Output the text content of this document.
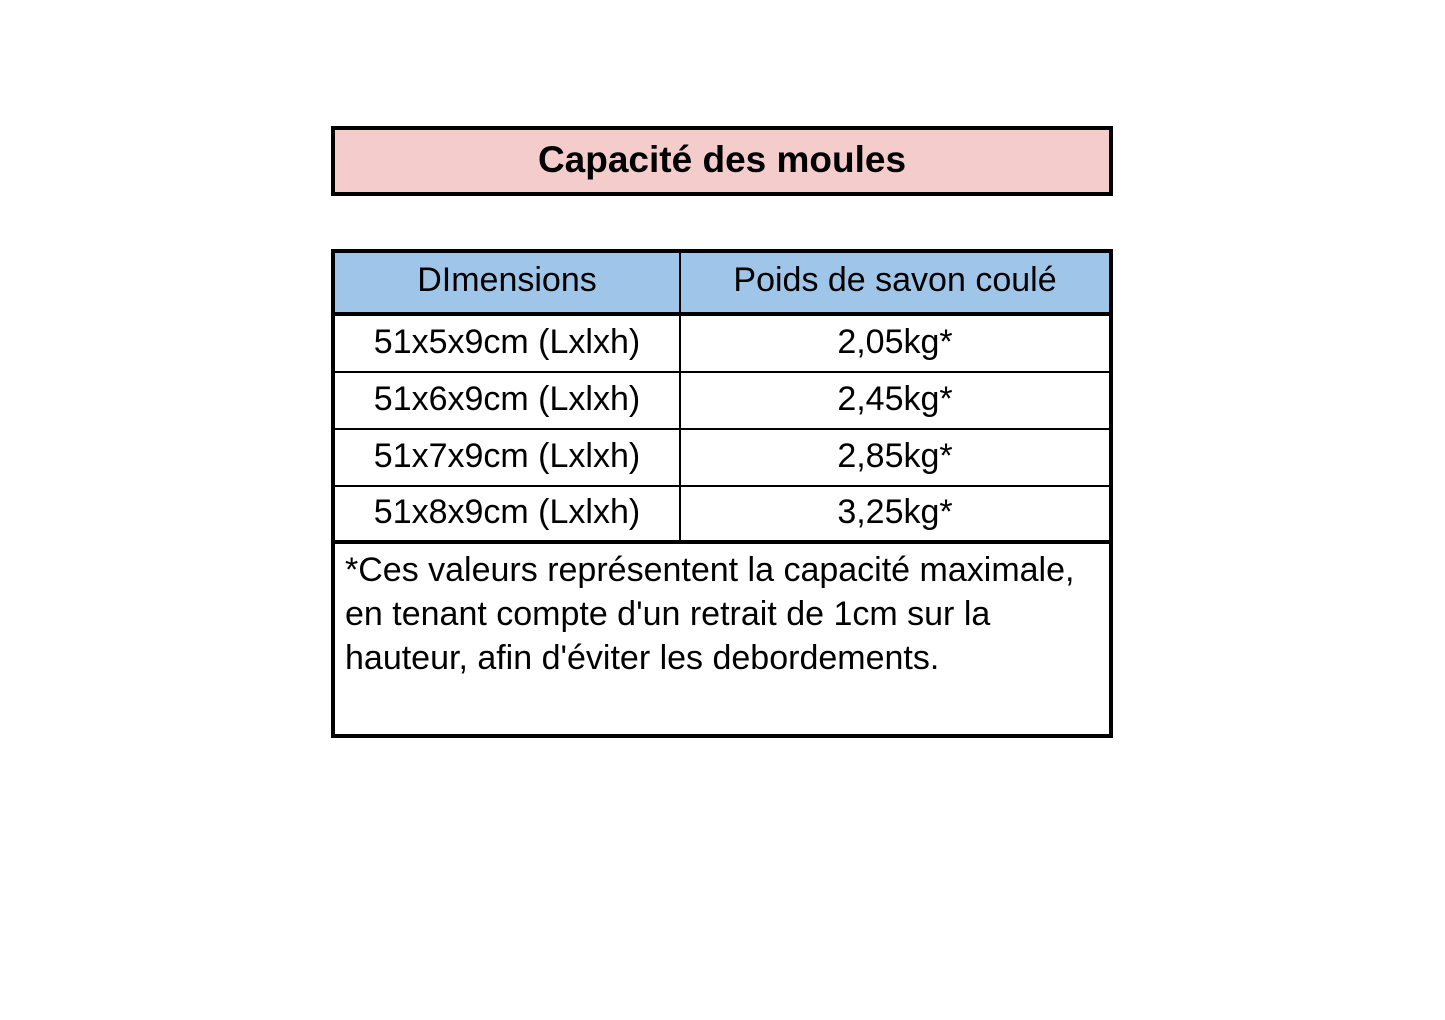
Capacité des moules
DImensions	Poids de savon coulé
51x5x9cm (Lxlxh)	2,05kg*
51x6x9cm (Lxlxh)	2,45kg*
51x7x9cm (Lxlxh)	2,85kg*
51x8x9cm (Lxlxh)	3,25kg*
*Ces valeurs représentent la capacité maximale, en tenant compte d'un retrait de 1cm sur la hauteur, afin d'éviter les debordements.
